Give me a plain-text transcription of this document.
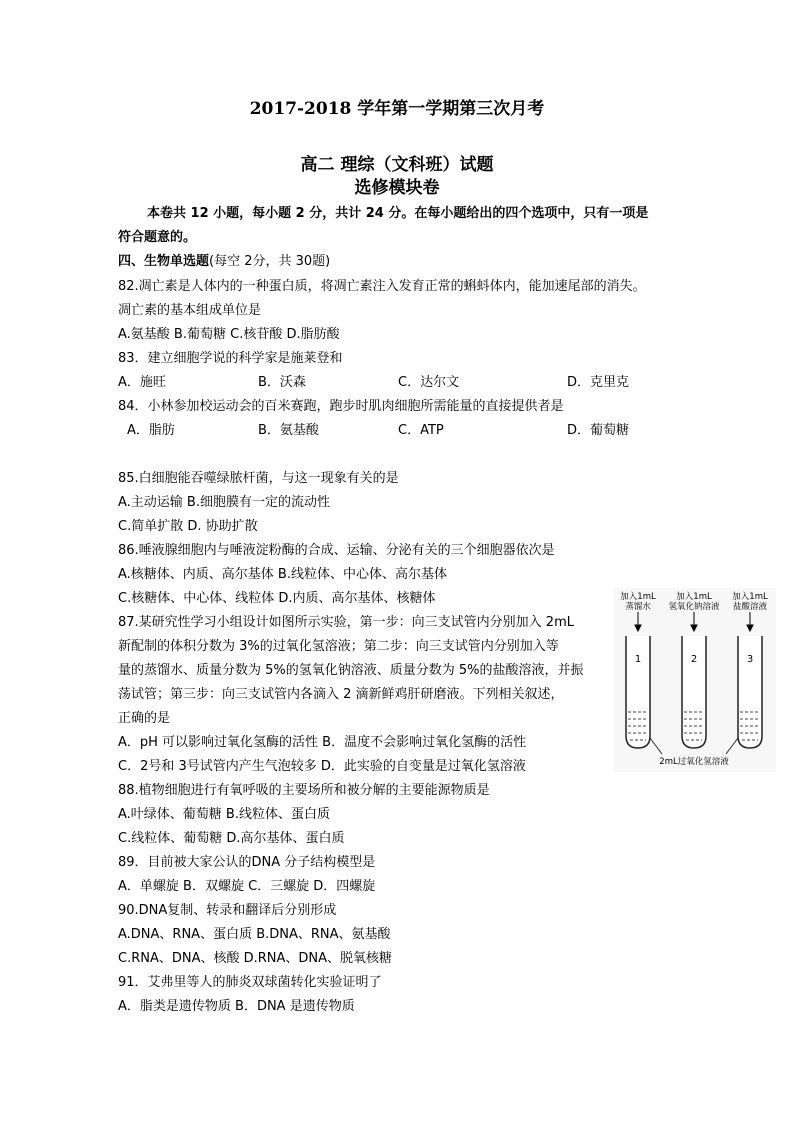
2017-2018 学年第一学期第三次月考
高二 理综（文科班）试题
选修模块卷
本卷共 12 小题，每小题 2 分，共计 24 分。在每小题给出的四个选项中，只有一项是
符合题意的。
四、生物单选题(每空 2分，共 30题)
82.凋亡素是人体内的一种蛋白质，将凋亡素注入发育正常的蝌蚪体内，能加速尾部的消失。
凋亡素的基本组成单位是
A.氨基酸 B.葡萄糖 C.核苷酸 D.脂肪酸
83．建立细胞学说的科学家是施莱登和
A．施旺	B．沃森	C．达尔文	D．克里克
84．小林参加校运动会的百米赛跑，跑步时肌肉细胞所需能量的直接提供者是
A．脂肪	B．氨基酸	C．ATP	D．葡萄糖
85.白细胞能吞噬绿脓杆菌，与这一现象有关的是
A.主动运输 B.细胞膜有一定的流动性
C.简单扩散 D. 协助扩散
86.唾液腺细胞内与唾液淀粉酶的合成、运输、分泌有关的三个细胞器依次是
A.核糖体、内质、高尔基体 B.线粒体、中心体、高尔基体
C.核糖体、中心体、线粒体 D.内质、高尔基体、核糖体
87.某研究性学习小组设计如图所示实验，第一步：向三支试管内分别加入 2mL
新配制的体积分数为 3%的过氧化氢溶液；第二步：向三支试管内分别加入等
量的蒸馏水、质量分数为 5%的氢氧化钠溶液、质量分数为 5%的盐酸溶液，并振
荡试管；第三步：向三支试管内各滴入 2 滴新鲜鸡肝研磨液。下列相关叙述，
正确的是
A．pH 可以影响过氧化氢酶的活性 B．温度不会影响过氧化氢酶的活性
C．2号和 3号试管内产生气泡较多 D．此实验的自变量是过氧化氢溶液
88.植物细胞进行有氧呼吸的主要场所和被分解的主要能源物质是
A.叶绿体、葡萄糖 B.线粒体、蛋白质
C.线粒体、葡萄糖 D.高尔基体、蛋白质
89．目前被大家公认的DNA 分子结构模型是
A．单螺旋 B．双螺旋 C．三螺旋 D．四螺旋
90.DNA复制、转录和翻译后分别形成
A.DNA、RNA、蛋白质 B.DNA、RNA、氨基酸
C.RNA、DNA、核酸 D.RNA、DNA、脱氧核糖
91．艾弗里等人的肺炎双球菌转化实验证明了
A．脂类是遗传物质 B．DNA 是遗传物质
加入1mL
蒸馏水
加入1mL
氢氧化钠溶液
加入1mL
盐酸溶液
1	2	3
2mL过氧化氢溶液
